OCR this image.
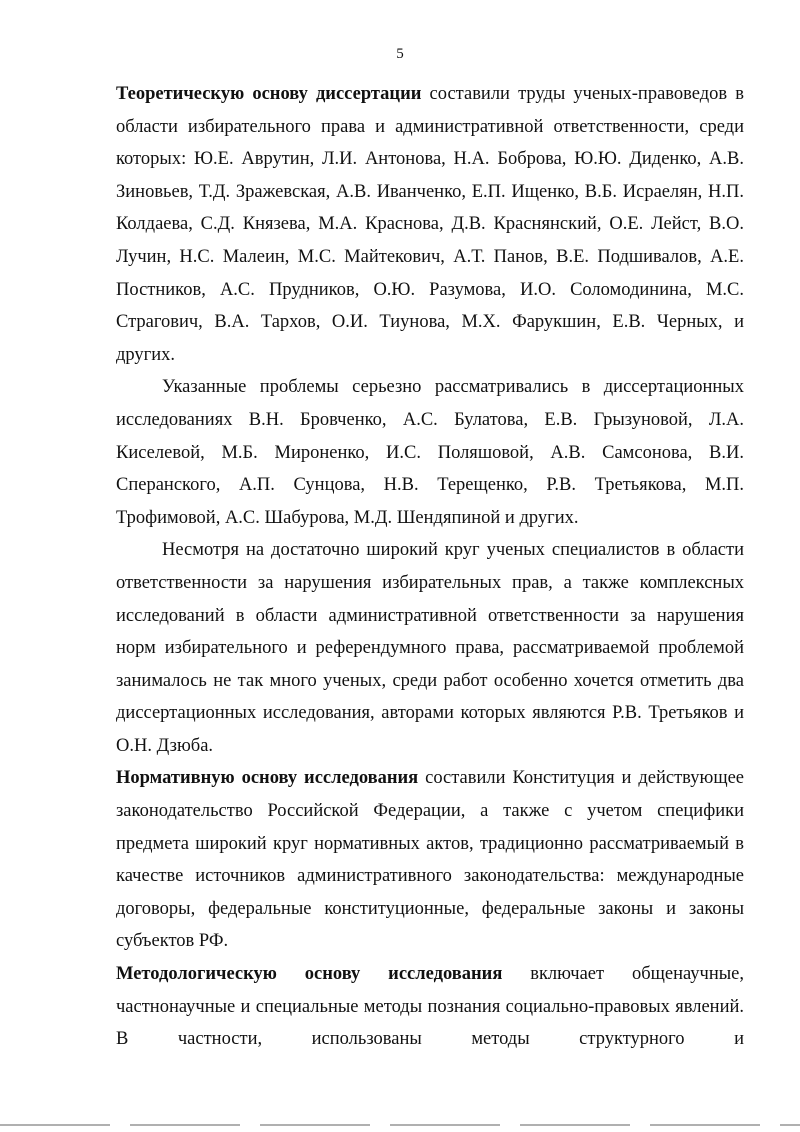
5

Теоретическую основу диссертации составили труды ученых-правоведов в области избирательного права и административной ответственности, среди которых: Ю.Е. Аврутин, Л.И. Антонова, Н.А. Боброва, Ю.Ю. Диденко, А.В. Зиновьев, Т.Д. Зражевская, А.В. Иванченко, Е.П. Ищенко, В.Б. Исраелян, Н.П. Колдаева, С.Д. Князева, М.А. Краснова, Д.В. Краснянский, О.Е. Лейст, В.О. Лучин, Н.С. Малеин, М.С. Майтекович, А.Т. Панов, В.Е. Подшивалов, А.Е. Постников, А.С. Прудников, О.Ю. Разумова, И.О. Соломодинина, М.С. Страгович, В.А. Тархов, О.И. Тиунова, М.Х. Фарукшин, Е.В. Черных, и других.

Указанные проблемы серьезно рассматривались в диссертационных исследованиях В.Н. Бровченко, А.С. Булатова, Е.В. Грызуновой, Л.А. Киселевой, М.Б. Мироненко, И.С. Поляшовой, А.В. Самсонова, В.И. Сперанского, А.П. Сунцова, Н.В. Терещенко, Р.В. Третьякова, М.П. Трофимовой, А.С. Шабурова, М.Д. Шендяпиной и других.

Несмотря на достаточно широкий круг ученых специалистов в области ответственности за нарушения избирательных прав, а также комплексных исследований в области административной ответственности за нарушения норм избирательного и референдумного права, рассматриваемой проблемой занималось не так много ученых, среди работ особенно хочется отметить два диссертационных исследования, авторами которых являются Р.В. Третьяков и О.Н. Дзюба.

Нормативную основу исследования составили Конституция и действующее законодательство Российской Федерации, а также с учетом специфики предмета широкий круг нормативных актов, традиционно рассматриваемый в качестве источников административного законодательства: международные договоры, федеральные конституционные, федеральные законы и законы субъектов РФ.

Методологическую основу исследования включает общенаучные, частнонаучные и специальные методы познания социально-правовых явлений. В частности, использованы методы структурного и
